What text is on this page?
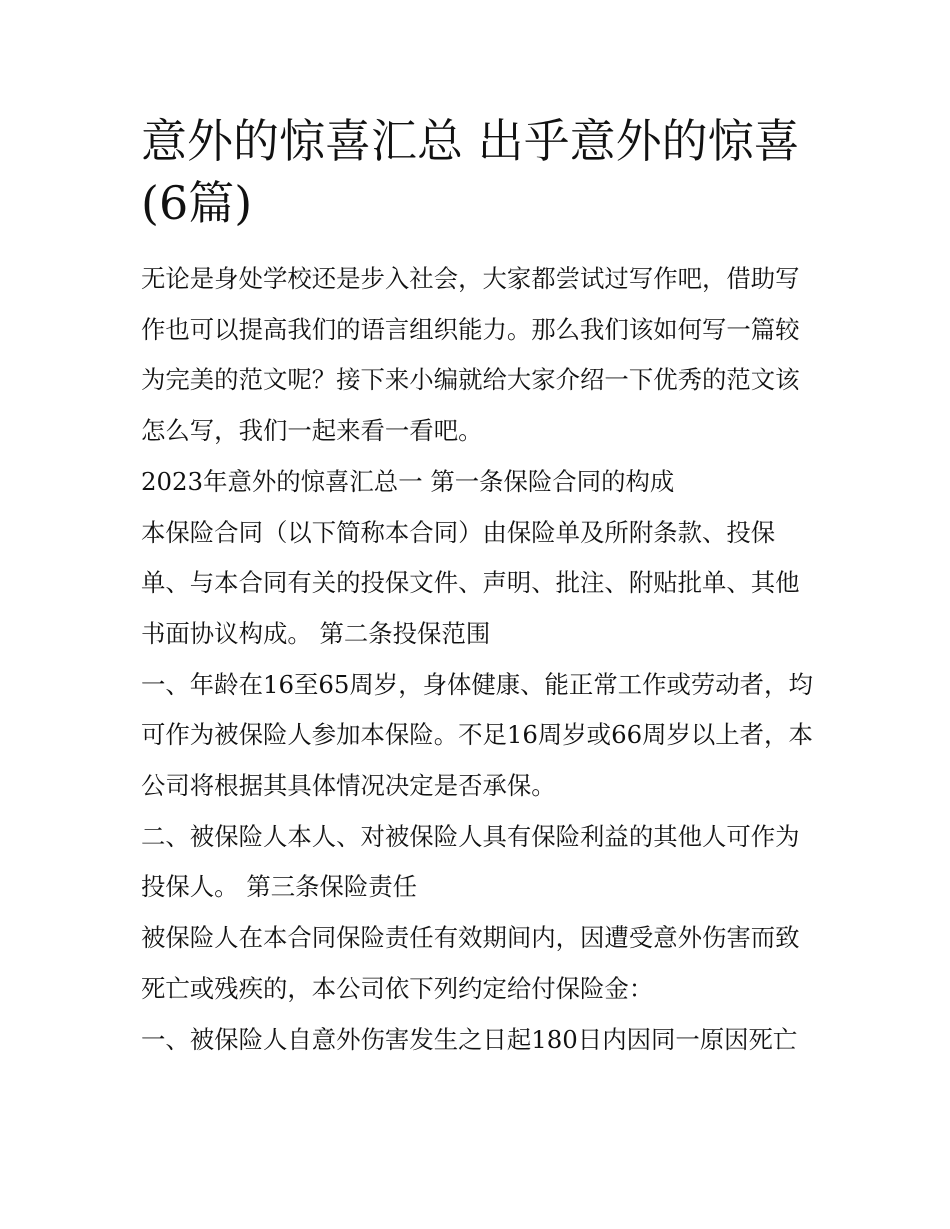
意外的惊喜汇总 出乎意外的惊喜(6篇)

无论是身处学校还是步入社会，大家都尝试过写作吧，借助写作也可以提高我们的语言组织能力。那么我们该如何写一篇较为完美的范文呢？接下来小编就给大家介绍一下优秀的范文该怎么写，我们一起来看一看吧。

2023年意外的惊喜汇总一 第一条保险合同的构成

本保险合同（以下简称本合同）由保险单及所附条款、投保单、与本合同有关的投保文件、声明、批注、附贴批单、其他书面协议构成。 第二条投保范围

一、年龄在16至65周岁，身体健康、能正常工作或劳动者，均可作为被保险人参加本保险。不足16周岁或66周岁以上者，本公司将根据其具体情况决定是否承保。

二、被保险人本人、对被保险人具有保险利益的其他人可作为投保人。 第三条保险责任

被保险人在本合同保险责任有效期间内，因遭受意外伤害而致死亡或残疾的，本公司依下列约定给付保险金：

一、被保险人自意外伤害发生之日起180日内因同一原因死亡
